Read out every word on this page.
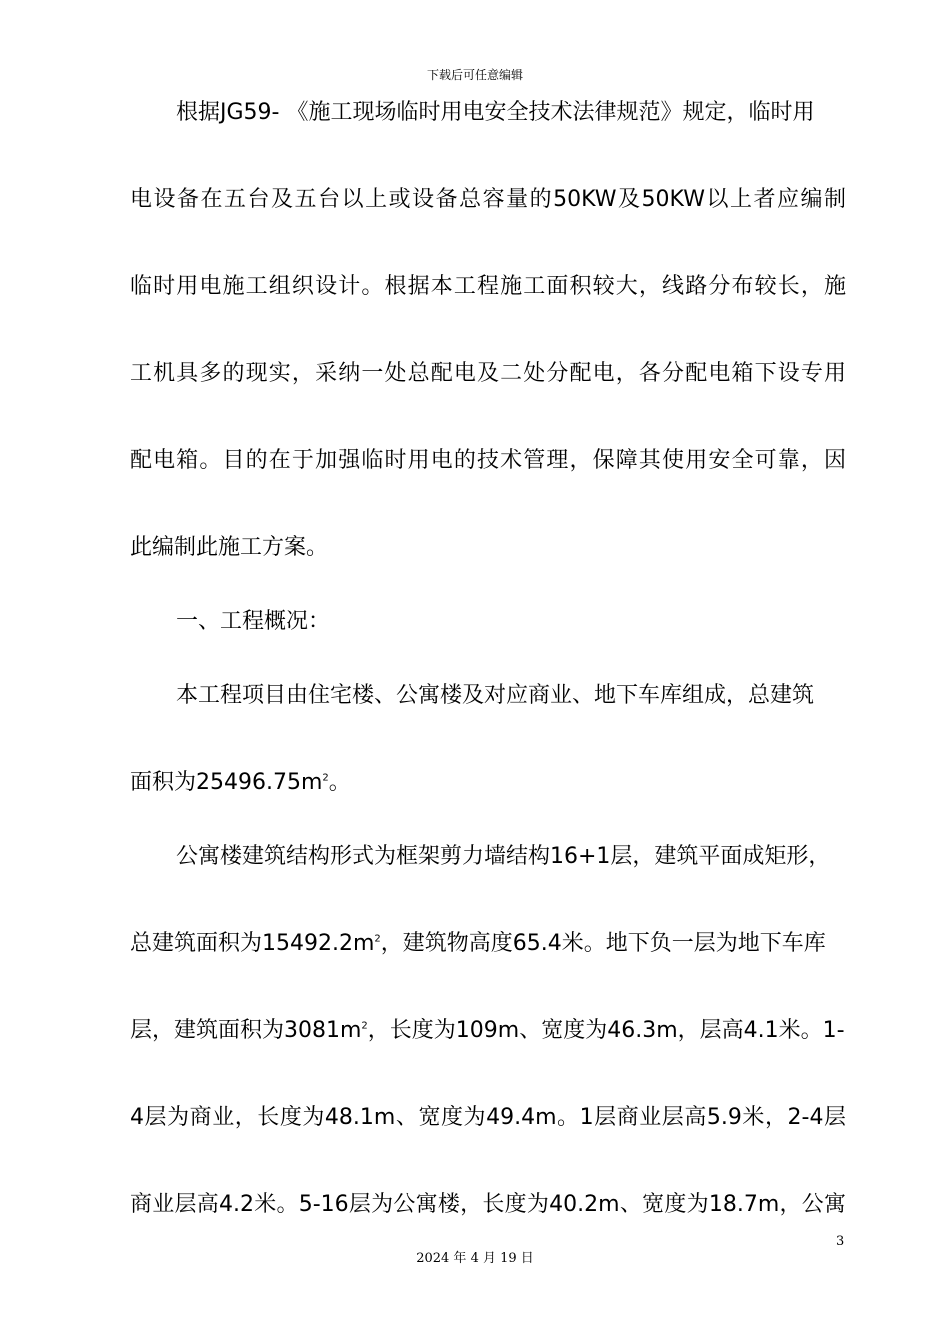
下载后可任意编辑
根据JG59- 《施工现场临时用电安全技术法律规范》规定，临时用
电设备在五台及五台以上或设备总容量的50KW及50KW以上者应编制
临时用电施工组织设计。根据本工程施工面积较大，线路分布较长，施
工机具多的现实，采纳一处总配电及二处分配电，各分配电箱下设专用
配电箱。目的在于加强临时用电的技术管理，保障其使用安全可靠，因
此编制此施工方案。
一、工程概况：
本工程项目由住宅楼、公寓楼及对应商业、地下车库组成，总建筑
面积为$25496.75m^2$。
公寓楼建筑结构形式为框架剪力墙结构16+1层，建筑平面成矩形，
总建筑面积为$15492.2m^2$，建筑物高度65.4米。地下负一层为地下车库
层，建筑面积为$3081m^2$，长度为109m、宽度为46.3m，层高4.1米。1-
4层为商业，长度为48.1m、宽度为49.4m。1层商业层高5.9米，2-4层
商业层高4.2米。5-16层为公寓楼，长度为40.2m、宽度为18.7m，公寓
3
2024 年 4 月 19 日
